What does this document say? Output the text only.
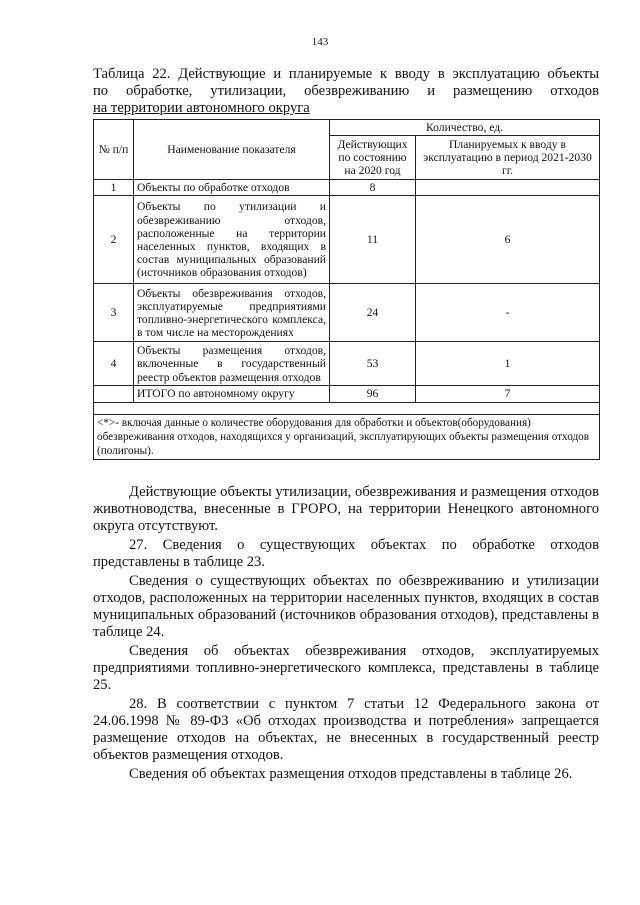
143
Таблица 22. Действующие и планируемые к вводу в эксплуатацию объекты
по обработке, утилизации, обезвреживанию и размещению отходов
на территории автономного округа
№ п/п	Наименование показателя	Количество, ед.	
		Действующих по состоянию на 2020 год	Планируемых к вводу в эксплуатацию в период 2021-2030 гг.
1	Объекты по обработке отходов	8	
2	Объекты по утилизации и обезвреживанию отходов, расположенные на территории населенных пунктов, входящих в состав муниципальных образований (источников образования отходов)	11	6
3	Объекты обезвреживания отходов, эксплуатируемые предприятиями топливно-энергетического комплекса, в том числе на месторождениях	24	-
4	Объекты размещения отходов, включенные в государственный реестр объектов размещения отходов	53	1
	ИТОГО по автономному округу	96	7

<*>- включая данные о количестве оборудования для обработки и объектов(оборудования) обезвреживания отходов, находящихся у организаций, эксплуатирующих объекты размещения отходов (полигоны).			

Действующие объекты утилизации, обезвреживания и размещения отходов животноводства, внесенные в ГРОРО, на территории Ненецкого автономного округа отсутствуют.

27. Сведения о существующих объектах по обработке отходов представлены в таблице 23.

Сведения о существующих объектах по обезвреживанию и утилизации отходов, расположенных на территории населенных пунктов, входящих в состав муниципальных образований (источников образования отходов), представлены в таблице 24.

Сведения об объектах обезвреживания отходов, эксплуатируемых предприятиями топливно-энергетического комплекса, представлены в таблице 25.

28. В соответствии с пунктом 7 статьи 12 Федерального закона от 24.06.1998 № 89-ФЗ «Об отходах производства и потребления» запрещается размещение отходов на объектах, не внесенных в государственный реестр объектов размещения отходов.

Сведения об объектах размещения отходов представлены в таблице 26.
